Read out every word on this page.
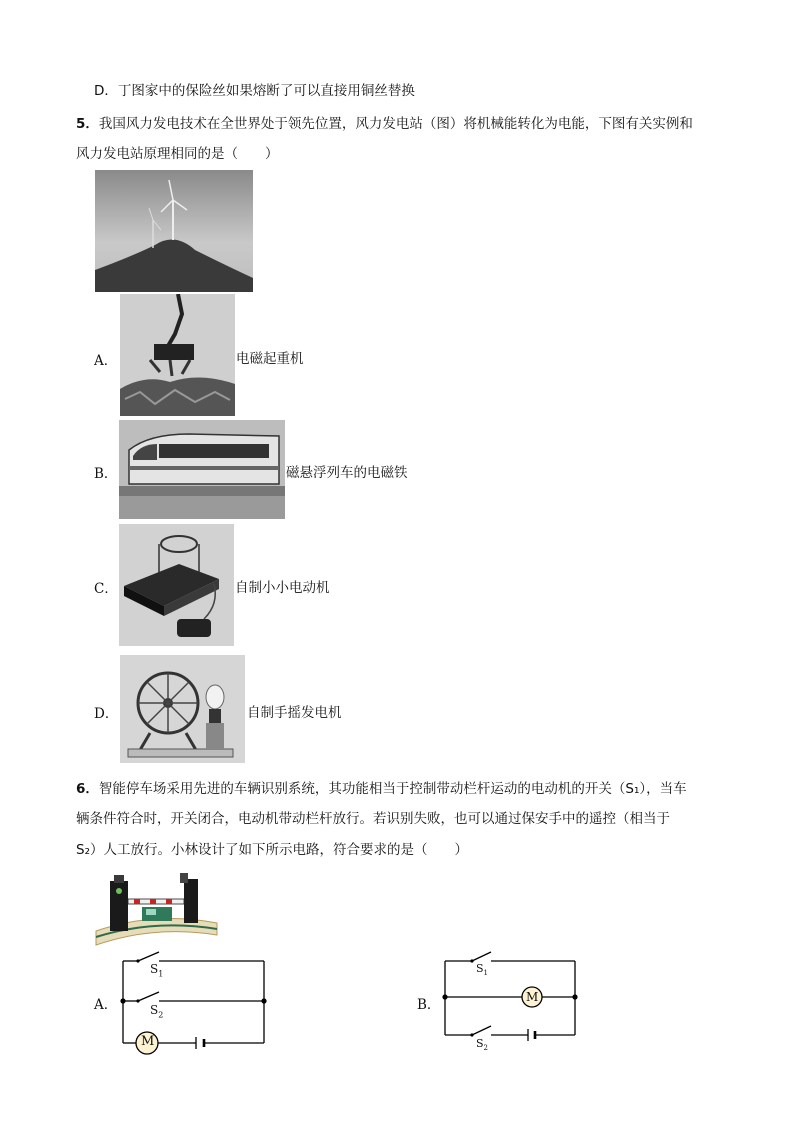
D．丁图家中的保险丝如果熔断了可以直接用铜丝替换
5．我国风力发电技术在全世界处于领先位置，风力发电站（图）将机械能转化为电能，下图有关实例和
风力发电站原理相同的是（　　）
A．	电磁起重机
B．	磁悬浮列车的电磁铁
C．	自制小小电动机
D．	自制手摇发电机
6．智能停车场采用先进的车辆识别系统，其功能相当于控制带动栏杆运动的电动机的开关（S₁），当车
辆条件符合时，开关闭合，电动机带动栏杆放行。若识别失败，也可以通过保安手中的遥控（相当于
S₂）人工放行。小林设计了如下所示电路，符合要求的是（　　）
A．
M
$S_1$
$S_2$
B．	M
$S_1$
$S_2$
